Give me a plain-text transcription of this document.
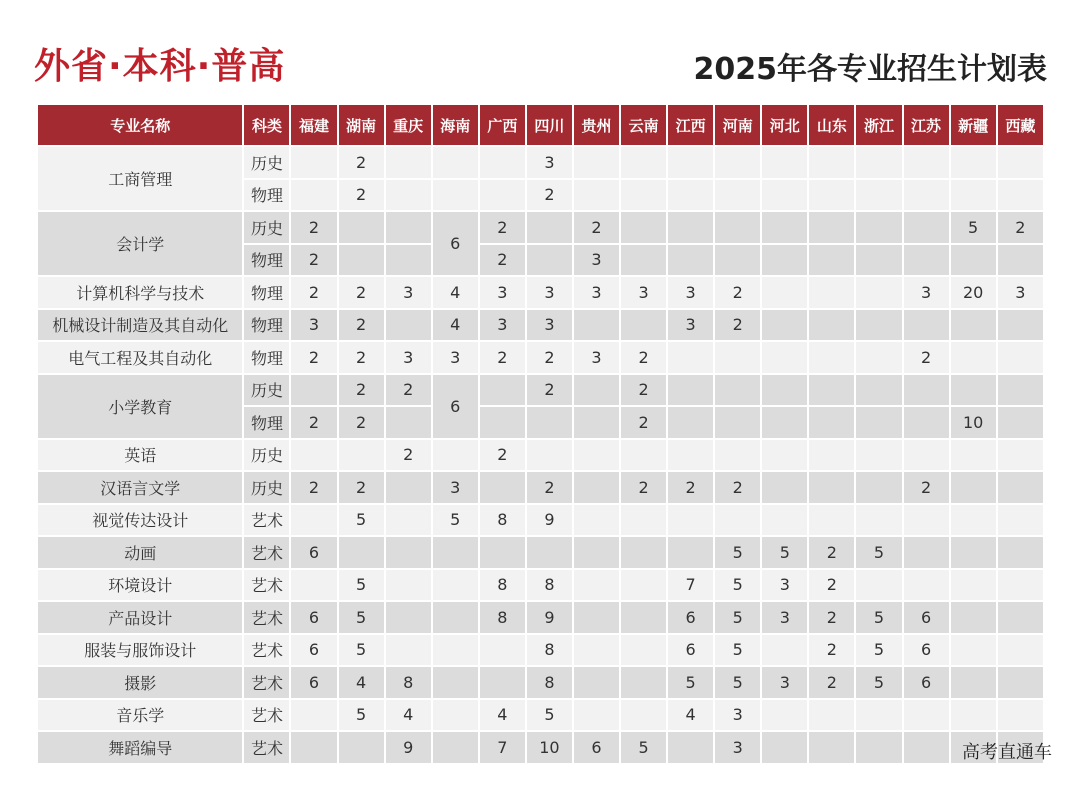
外省·本科·普高	2025年各专业招生计划表
专业名称	科类	福建	湖南	重庆	海南	广西	四川	贵州	云南	江西	河南	河北	山东	浙江	江苏	新疆	西藏
工商管理	历史		2				3										
	物理		2				2										
会计学	历史	2			6	2		2								5	2
	物理	2				2		3									
计算机科学与技术	物理	2	2	3	4	3	3	3	3	3	2				3	20	3
机械设计制造及其自动化	物理	3	2		4	3	3			3	2						
电气工程及其自动化	物理	2	2	3	3	2	2	3	2						2		
小学教育	历史		2	2	6		2		2								
	物理	2	2						2							10	
英语	历史			2		2											
汉语言文学	历史	2	2		3		2		2	2	2				2		
视觉传达设计	艺术		5		5	8	9										
动画	艺术	6									5	5	2	5			
环境设计	艺术		5			8	8			7	5	3	2				
产品设计	艺术	6	5			8	9			6	5	3	2	5	6		
服装与服饰设计	艺术	6	5				8			6	5		2	5	6		
摄影	艺术	6	4	8			8			5	5	3	2	5	6		
音乐学	艺术		5	4		4	5			4	3						
舞蹈编导	艺术			9		7	10	6	5		3							高考直通车
